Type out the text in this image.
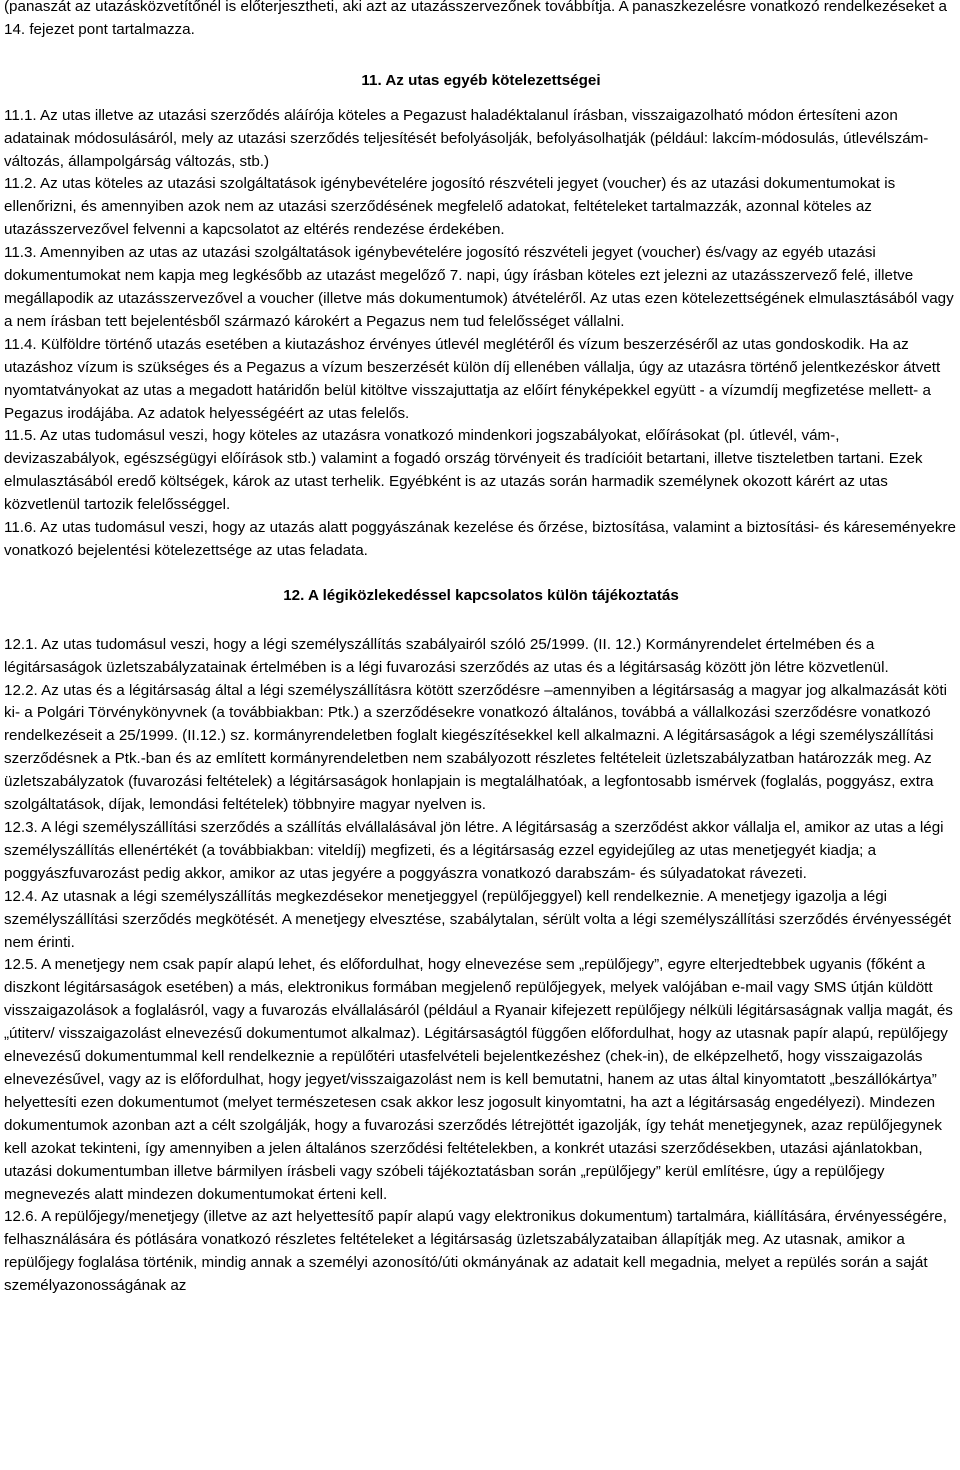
(panaszát az utazásközvetítőnél is előterjesztheti, aki azt az utazásszervezőnek továbbítja. A panaszkezelésre vonatkozó rendelkezéseket a 14. fejezet pont tartalmazza.

11. Az utas egyéb kötelezettségei

11.1. Az utas illetve az utazási szerződés aláírója köteles a Pegazust haladéktalanul írásban, visszaigazolható módon értesíteni azon adatainak módosulásáról, mely az utazási szerződés teljesítését befolyásolják, befolyásolhatják (például: lakcím-módosulás, útlevélszám-változás, állampolgárság változás, stb.)

11.2. Az utas köteles az utazási szolgáltatások igénybevételére jogosító részvételi jegyet (voucher) és az utazási dokumentumokat is ellenőrizni, és amennyiben azok nem az utazási szerződésének megfelelő adatokat, feltételeket tartalmazzák, azonnal köteles az utazásszervezővel felvenni a kapcsolatot az eltérés rendezése érdekében.

11.3. Amennyiben az utas az utazási szolgáltatások igénybevételére jogosító részvételi jegyet (voucher) és/vagy az egyéb utazási dokumentumokat nem kapja meg legkésőbb az utazást megelőző 7. napi, úgy írásban köteles ezt jelezni az utazásszervező felé, illetve megállapodik az utazásszervezővel a voucher (illetve más dokumentumok) átvételéről. Az utas ezen kötelezettségének elmulasztásából vagy a nem írásban tett bejelentésből származó károkért a Pegazus nem tud felelősséget vállalni.

11.4. Külföldre történő utazás esetében a kiutazáshoz érvényes útlevél meglétéről és vízum beszerzéséről az utas gondoskodik. Ha az utazáshoz vízum is szükséges és a Pegazus a vízum beszerzését külön díj ellenében vállalja, úgy az utazásra történő jelentkezéskor átvett nyomtatványokat az utas a megadott határidőn belül kitöltve visszajuttatja az előírt fényképekkel együtt - a vízumdíj megfizetése mellett- a Pegazus irodájába. Az adatok helyességéért az utas felelős.

11.5. Az utas tudomásul veszi, hogy köteles az utazásra vonatkozó mindenkori jogszabályokat, előírásokat (pl. útlevél, vám-, devizaszabályok, egészségügyi előírások stb.) valamint a fogadó ország törvényeit és tradícióit betartani, illetve tiszteletben tartani. Ezek elmulasztásából eredő költségek, károk az utast terhelik. Egyébként is az utazás során harmadik személynek okozott kárért az utas közvetlenül tartozik felelősséggel.

11.6. Az utas tudomásul veszi, hogy az utazás alatt poggyászának kezelése és őrzése, biztosítása, valamint a biztosítási- és káreseményekre vonatkozó bejelentési kötelezettsége az utas feladata.

12. A légiközlekedéssel kapcsolatos külön tájékoztatás

12.1. Az utas tudomásul veszi, hogy a légi személyszállítás szabályairól szóló 25/1999. (II. 12.) Kormányrendelet értelmében és a légitársaságok üzletszabályzatainak értelmében is a légi fuvarozási szerződés az utas és a légitársaság között jön létre közvetlenül.

12.2. Az utas és a légitársaság által a légi személyszállításra kötött szerződésre –amennyiben a légitársaság a magyar jog alkalmazását köti ki- a Polgári Törvénykönyvnek (a továbbiakban: Ptk.) a szerződésekre vonatkozó általános, továbbá a vállalkozási szerződésre vonatkozó rendelkezéseit a 25/1999. (II.12.) sz. kormányrendeletben foglalt kiegészítésekkel kell alkalmazni. A légitársaságok a légi személyszállítási szerződésnek a Ptk.-ban és az említett kormányrendeletben nem szabályozott részletes feltételeit üzletszabályzatban határozzák meg. Az üzletszabályzatok (fuvarozási feltételek) a légitársaságok honlapjain is megtalálhatóak, a legfontosabb ismérvek (foglalás, poggyász, extra szolgáltatások, díjak, lemondási feltételek) többnyire magyar nyelven is.

12.3. A légi személyszállítási szerződés a szállítás elvállalásával jön létre. A légitársaság a szerződést akkor vállalja el, amikor az utas a légi személyszállítás ellenértékét (a továbbiakban: viteldíj) megfizeti, és a légitársaság ezzel egyidejűleg az utas menetjegyét kiadja; a poggyászfuvarozást pedig akkor, amikor az utas jegyére a poggyászra vonatkozó darabszám- és súlyadatokat rávezeti.

12.4. Az utasnak a légi személyszállítás megkezdésekor menetjeggyel (repülőjeggyel) kell rendelkeznie. A menetjegy igazolja a légi személyszállítási szerződés megkötését. A menetjegy elvesztése, szabálytalan, sérült volta a légi személyszállítási szerződés érvényességét nem érinti.

12.5. A menetjegy nem csak papír alapú lehet, és előfordulhat, hogy elnevezése sem „repülőjegy”, egyre elterjedtebbek ugyanis (főként a diszkont légitársaságok esetében) a más, elektronikus formában megjelenő repülőjegyek, melyek valójában e-mail vagy SMS útján küldött visszaigazolások a foglalásról, vagy a fuvarozás elvállalásáról (például a Ryanair kifejezett repülőjegy nélküli légitársaságnak vallja magát, és „útiterv/ visszaigazolást elnevezésű dokumentumot alkalmaz). Légitársaságtól függően előfordulhat, hogy az utasnak papír alapú, repülőjegy elnevezésű dokumentummal kell rendelkeznie a repülőtéri utasfelvételi bejelentkezéshez (chek-in), de elképzelhető, hogy visszaigazolás elnevezésűvel, vagy az is előfordulhat, hogy jegyet/visszaigazolást nem is kell bemutatni, hanem az utas által kinyomtatott „beszállókártya” helyettesíti ezen dokumentumot (melyet természetesen csak akkor lesz jogosult kinyomtatni, ha azt a légitársaság engedélyezi). Mindezen dokumentumok azonban azt a célt szolgálják, hogy a fuvarozási szerződés létrejöttét igazolják, így tehát menetjegynek, azaz repülőjegynek kell azokat tekinteni, így amennyiben a jelen általános szerződési feltételekben, a konkrét utazási szerződésekben, utazási ajánlatokban, utazási dokumentumban illetve bármilyen írásbeli vagy szóbeli tájékoztatásban során „repülőjegy” kerül említésre, úgy a repülőjegy megnevezés alatt mindezen dokumentumokat érteni kell.

12.6. A repülőjegy/menetjegy (illetve az azt helyettesítő papír alapú vagy elektronikus dokumentum) tartalmára, kiállítására, érvényességére, felhasználására és pótlására vonatkozó részletes feltételeket a légitársaság üzletszabályzataiban állapítják meg. Az utasnak, amikor a repülőjegy foglalása történik, mindig annak a személyi azonosító/úti okmányának az adatait kell megadnia, melyet a repülés során a saját személyazonosságának az
